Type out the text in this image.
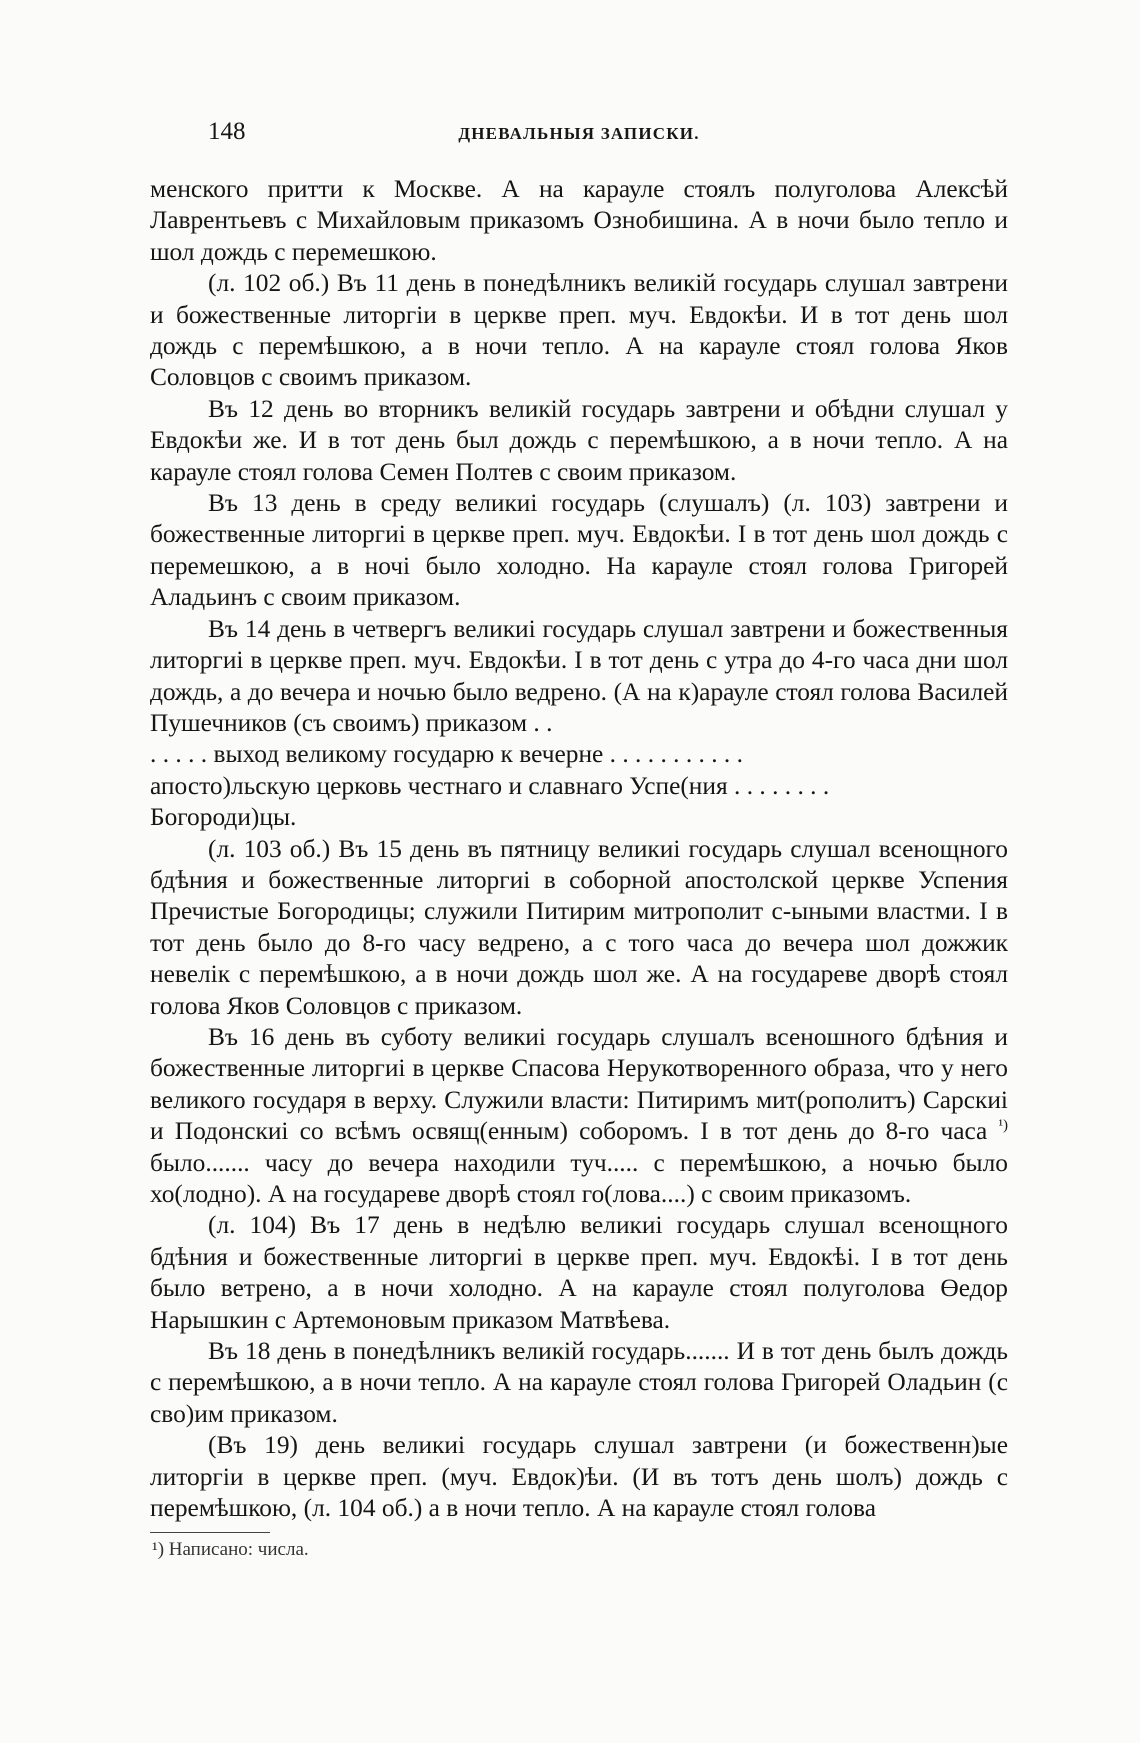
148	ДНЕВАЛЬНЫЯ ЗАПИСКИ.

менского притти к Москве. А на карауле стоялъ полуголова Алексѣй Лаврентьевъ с Михайловым приказомъ Ознобишина. А в ночи было тепло и шол дождь с перемешкою.

(л. 102 об.) Въ 11 день в понедѣлникъ великій государь слушал завтрени и божественные литоргіи в церкве преп. муч. Евдокѣи. И в тот день шол дождь с перемѣшкою, а в ночи тепло. А на карауле стоял голова Яков Соловцов с своимъ приказом.

Въ 12 день во вторникъ великій государь завтрени и обѣдни слушал у Евдокѣи же. И в тот день был дождь с перемѣшкою, а в ночи тепло. А на карауле стоял голова Семен Полтев с своим приказом.

Въ 13 день в среду великиі государь (слушалъ) (л. 103) завтрени и божественные литоргиі в церкве преп. муч. Евдокѣи. I в тот день шол дождь с перемешкою, а в ночі было холодно. На карауле стоял голова Григорей Аладьинъ с своим приказом.

Въ 14 день в четвергъ великиі государь слушал завтрени и божественныя литоргиі в церкве преп. муч. Евдокѣи. I в тот день с утра до 4-го часа дни шол дождь, а до вечера и ночью было ведрено. (А на к)арауле стоял голова Василей Пушечников (съ своимъ) приказом . .

. . . . . выход великому государю к вечерне . . . . . . . . . . .

апосто)льскую церковь честнаго и славнаго Успе(ния . . . . . . . .

Богороди)цы.

(л. 103 об.) Въ 15 день въ пятницу великиі государь слушал всенощного бдѣния и божественные литоргиі в соборной апостолской церкве Успения Пречистые Богородицы; служили Питирим митрополит с-ыными властми. I в тот день было до 8-го часу ведрено, а с того часа до вечера шол дожжик невелiк с перемѣшкою, а в ночи дождь шол же. А на государеве дворѣ стоял голова Яков Соловцов с приказом.

Въ 16 день въ суботу великиі государь слушалъ всеношного бдѣния и божественные литоргиі в церкве Спасова Нерукотворенного образа, что у него великого государя в верху. Служили власти: Питиримъ мит(рополитъ) Сарскиі и Подонскиі со всѣмъ освящ(енным) соборомъ. I в тот день до 8-го часа $^{^1)}$ было....... часу до вечера находили туч..... с перемѣшкою, а ночью было хо(лодно). А на государеве дворѣ стоял го(лова....) с своим приказомъ.

(л. 104) Въ 17 день в недѣлю великиі государь слушал всенощного бдѣния и божественные литоргиі в церкве преп. муч. Евдокѣі. I в тот день было ветрено, а в ночи холодно. А на карауле стоял полуголова Өедор Нарышкин с Артемоновым приказом Матвѣева.

Въ 18 день в понедѣлникъ великій государь....... И в тот день былъ дождь с перемѣшкою, а в ночи тепло. А на карауле стоял голова Григорей Оладьин (с сво)им приказом.

(Въ 19) день великиі государь слушал завтрени (и божественн)ые литоргіи в церкве преп. (муч. Евдок)ѣи. (И въ тотъ день шолъ) дождь с перемѣшкою, (л. 104 об.) а в ночи тепло. А на карауле стоял голова

¹) Написано: числа.
